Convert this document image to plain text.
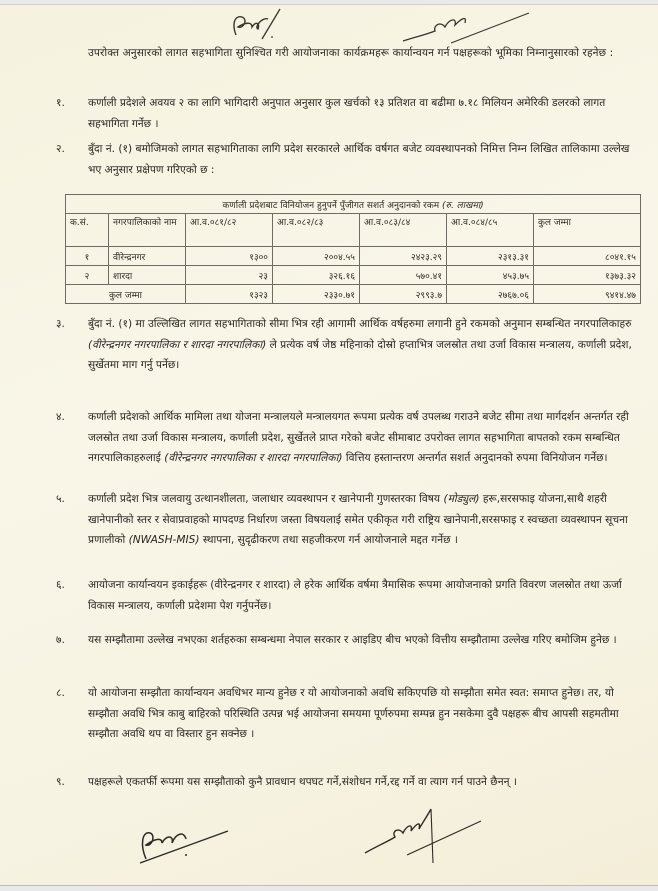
उपरोक्त अनुसारको लागत सहभागिता सुनिश्चित गरी आयोजनाका कार्यक्रमहरू कार्यान्वयन गर्न पक्षहरूको भूमिका निम्नानुसारको रहनेछ :
१. कर्णाली प्रदेशले अवयव २ का लागि भागिदारी अनुपात अनुसार कुल खर्चको १३ प्रतिशत वा बढीमा ७.१८ मिलियन अमेरिकी डलरको लागत सहभागिता गर्नेछ ।
२. बुँदा नं. (१) बमोजिमको लागत सहभागिताका लागि प्रदेश सरकारले आर्थिक वर्षगत बजेट व्यवस्थापनको निमित्त निम्न लिखित तालिकामा उल्लेख भए अनुसार प्रक्षेपण गरिएको छ :
कर्णाली प्रदेशबाट विनियोजन हुनुपर्ने पुँजीगत सशर्त अनुदानको रकम (रु. लाखमा)						
क.सं.	नगरपालिकाको नाम	आ.व.०८१/८२	आ.व.०८२/८३	आ.व.०८३/८४	आ.व.०८४/८५	कुल जम्मा
१	वीरेन्द्रनगर	१३००	२००४.५५	२४२३.२९	२३१३.३१	८०४१.१५
२	शारदा	२३	३२६.१६	५७०.४१	४५३.७५	१३७३.३२
कुल जम्मा		१३२३	२३३०.७१	२९९३.७	२७६७.०६	९४१४.४७
३. बुँदा नं. (१) मा उल्लिखित लागत सहभागिताको सीमा भित्र रही आगामी आर्थिक वर्षहरुमा लगानी हुने रकमको अनुमान सम्बन्धित नगरपालिकाहरु (वीरेन्द्रनगर नगरपालिका र शारदा नगरपालिका) ले प्रत्येक वर्ष जेष्ठ महिनाको दोस्रो हप्ताभित्र जलस्रोत तथा उर्जा विकास मन्त्रालय, कर्णाली प्रदेश, सुर्खेतमा माग गर्नु पर्नेछ।
४. कर्णाली प्रदेशको आर्थिक मामिला तथा योजना मन्त्रालयले मन्त्रालयगत रूपमा प्रत्येक वर्ष उपलब्ध गराउने बजेट सीमा तथा मार्गदर्शन अन्तर्गत रही जलस्रोत तथा उर्जा विकास मन्त्रालय, कर्णाली प्रदेश, सुर्खेतले प्राप्त गरेको बजेट सीमाबाट उपरोक्त लागत सहभागिता बापतको रकम सम्बन्धित नगरपालिकाहरुलाई (वीरेन्द्रनगर नगरपालिका र शारदा नगरपालिका) वित्तिय हस्तान्तरण अन्तर्गत सशर्त अनुदानको रुपमा विनियोजन गर्नेछ।
५. कर्णाली प्रदेश भित्र जलवायु उत्थानशीलता, जलाधार व्यवस्थापन र खानेपानी गुणस्तरका विषय (मोड्युल) हरू,सरसफाइ योजना,साथै शहरी खानेपानीको स्तर र सेवाप्रवाहको मापदण्ड निर्धारण जस्ता विषयलाई समेत एकीकृत गरी राष्ट्रिय खानेपानी,सरसफाइ र स्वच्छता व्यवस्थापन सूचना प्रणालीको (NWASH-MIS) स्थापना, सुदृढीकरण तथा सहजीकरण गर्न आयोजनाले मद्दत गर्नेछ ।
६. आयोजना कार्यान्वयन इकाईहरू (वीरेन्द्रनगर र शारदा) ले हरेक आर्थिक वर्षमा त्रैमासिक रूपमा आयोजनाको प्रगति विवरण जलस्रोत तथा ऊर्जा विकास मन्त्रालय, कर्णाली प्रदेशमा पेश गर्नुपर्नेछ।
७. यस सम्झौतामा उल्लेख नभएका शर्तहरुका सम्बन्धमा नेपाल सरकार र आइडिए बीच भएको वित्तीय सम्झौतामा उल्लेख गरिए बमोजिम हुनेछ ।
८. यो आयोजना सम्झौता कार्यान्वयन अवधिभर मान्य हुनेछ र यो आयोजनाको अवधि सकिएपछि यो सम्झौता समेत स्वत: समाप्त हुनेछ। तर, यो सम्झौता अवधि भित्र काबु बाहिरको परिस्थिति उत्पन्न भई आयोजना समयमा पूर्णरुपमा सम्पन्न हुन नसकेमा दुवै पक्षहरू बीच आपसी सहमतीमा सम्झौता अवधि थप वा विस्तार हुन सक्नेछ ।
९. पक्षहरूले एकतर्फी रूपमा यस सम्झौताको कुनै प्रावधान थपघट गर्ने,संशोधन गर्ने,रद्द गर्ने वा त्याग गर्न पाउने छैनन् ।
